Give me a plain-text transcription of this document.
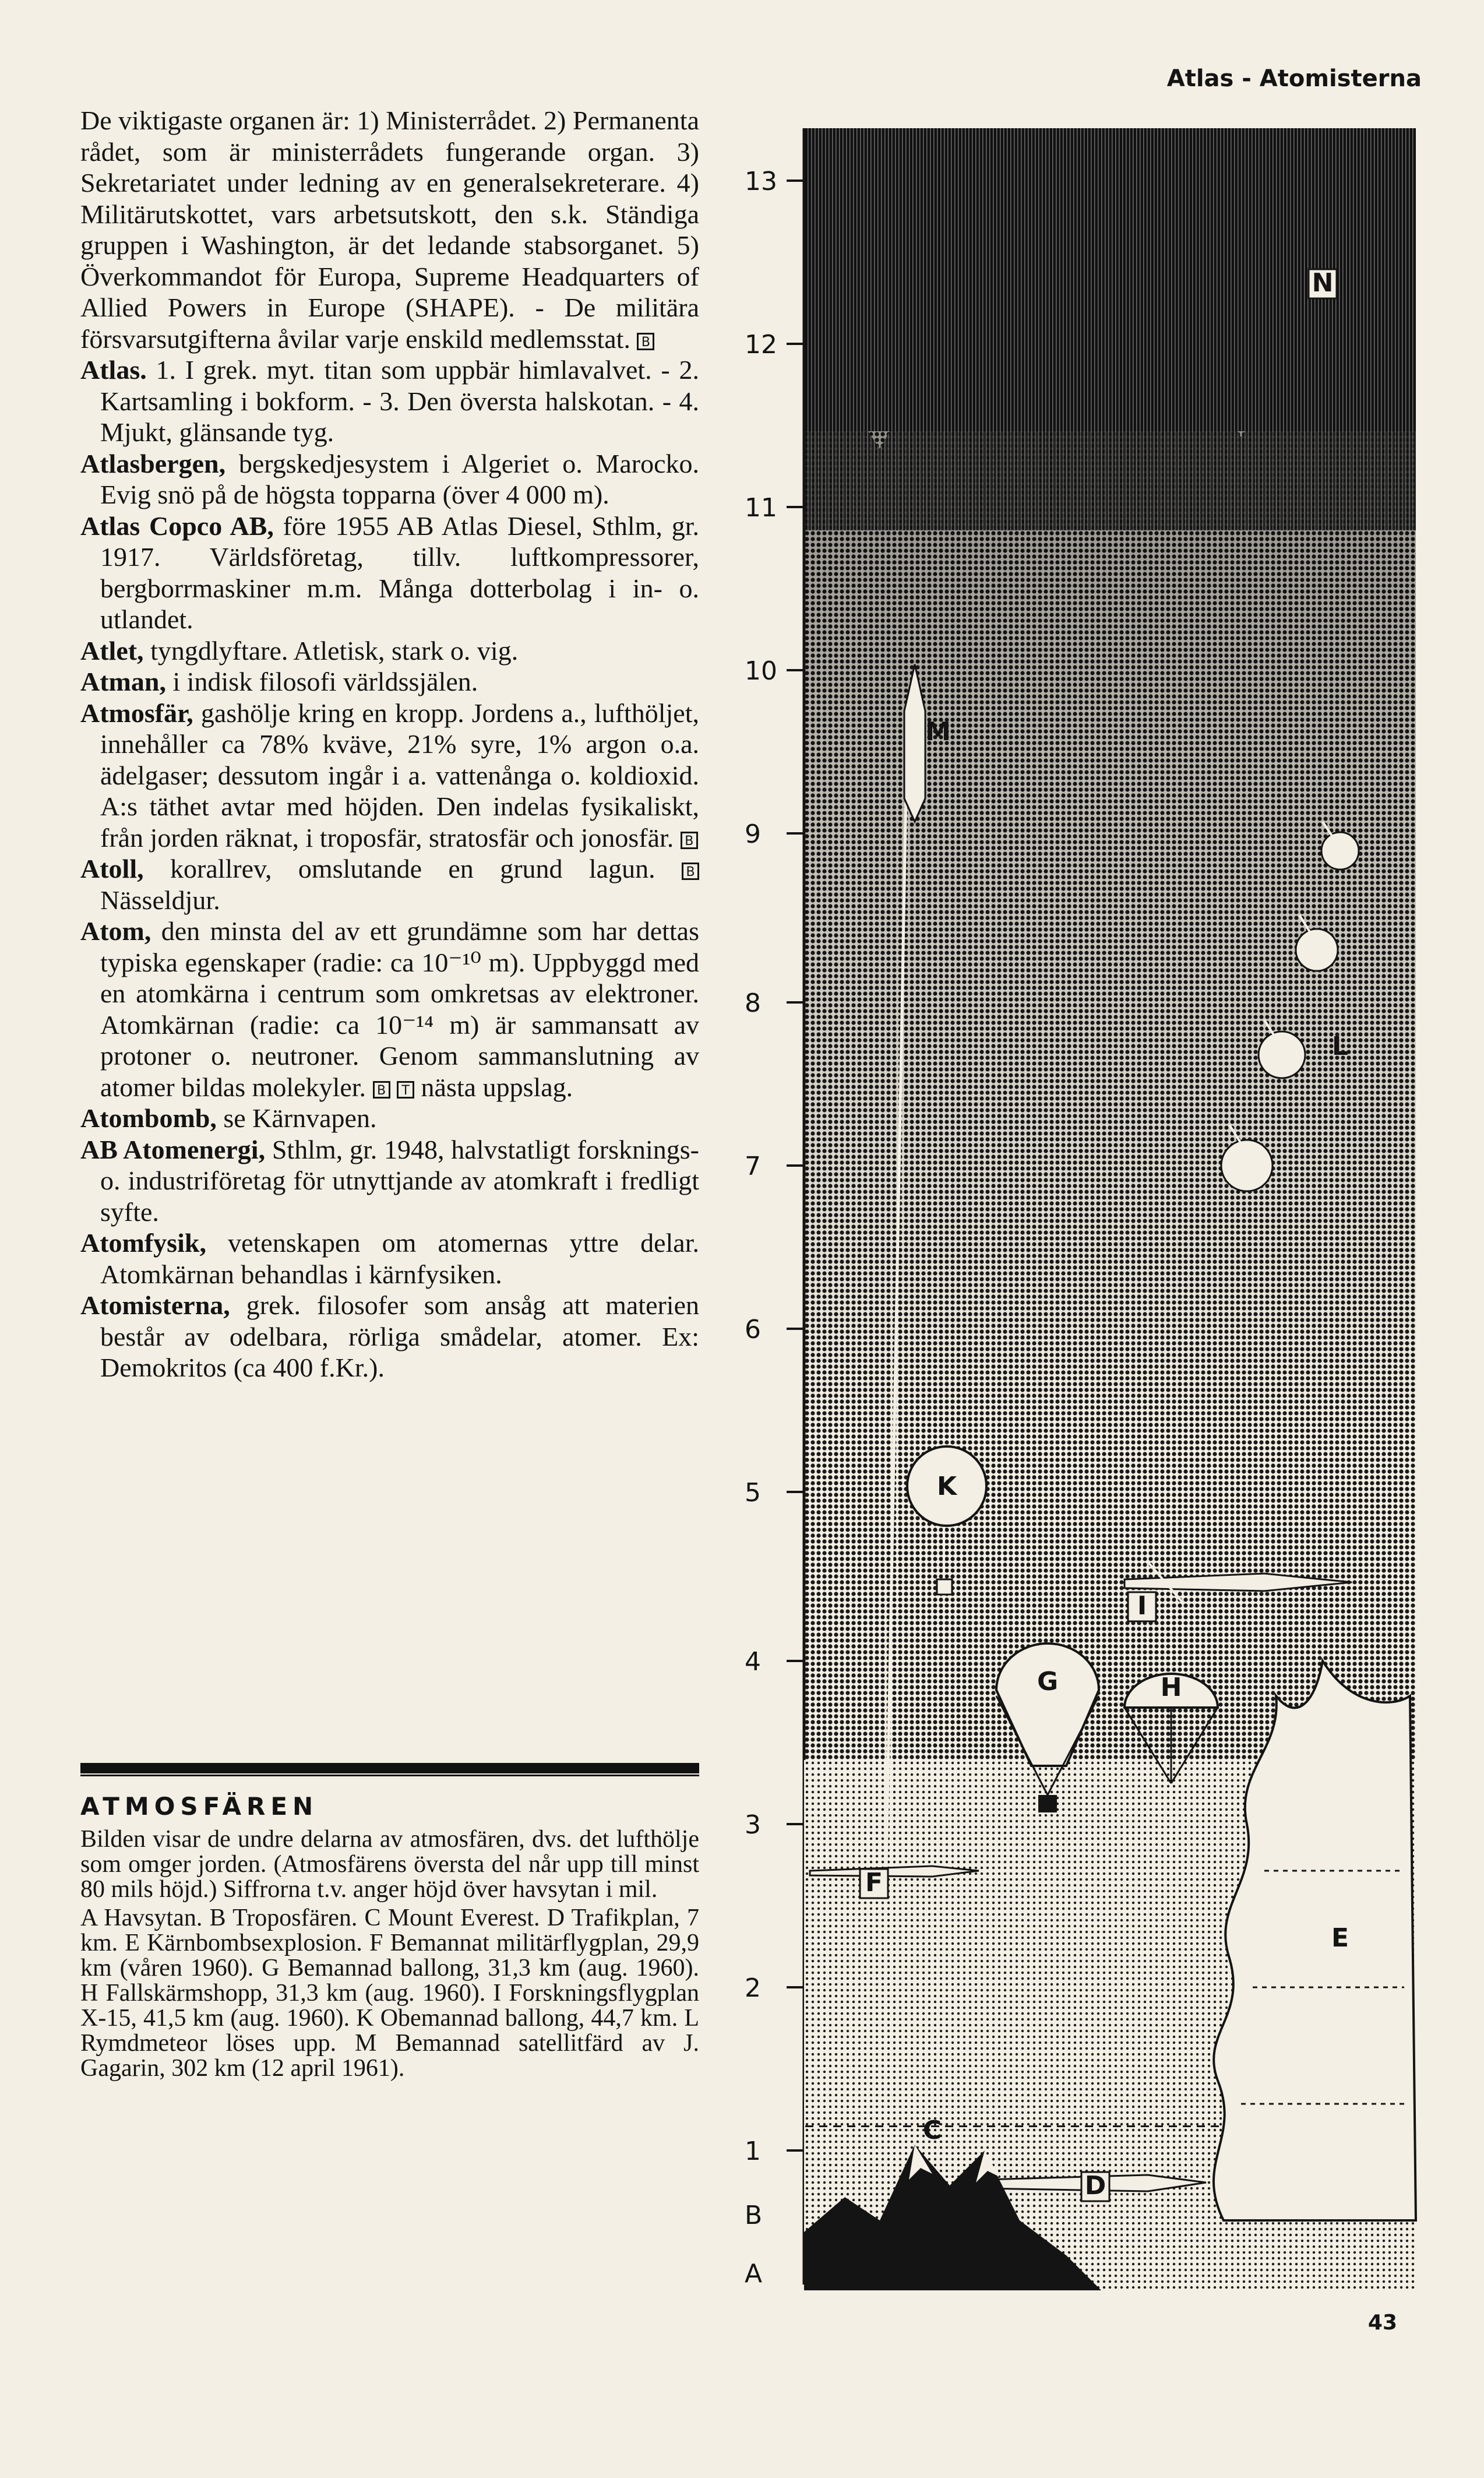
Atlas - Atomisterna

De viktigaste organen är: 1) Ministerrådet. 2) Permanenta rådet, som är ministerrådets fungerande organ. 3) Sekretariatet under ledning av en generalsekreterare. 4) Militärutskottet, vars arbetsutskott, den s.k. Ständiga gruppen i Washington, är det ledande stabsorganet. 5) Överkommandot för Europa, Supreme Headquarters of Allied Powers in Europe (SHAPE). - De militära försvarsutgifterna åvilar varje enskild medlemsstat. B

Atlas. 1. I grek. myt. titan som uppbär himlavalvet. - 2. Kartsamling i bokform. - 3. Den översta halskotan. - 4. Mjukt, glänsande tyg.

Atlasbergen, bergskedjesystem i Algeriet o. Marocko. Evig snö på de högsta topparna (över 4 000 m).

Atlas Copco AB, före 1955 AB Atlas Diesel, Sthlm, gr. 1917. Världsföretag, tillv. luftkompressorer, bergborrmaskiner m.m. Många dotterbolag i in- o. utlandet.

Atlet, tyngdlyftare. Atletisk, stark o. vig.

Atman, i indisk filosofi världssjälen.

Atmosfär, gashölje kring en kropp. Jordens a., lufthöljet, innehåller ca 78% kväve, 21% syre, 1% argon o.a. ädelgaser; dessutom ingår i a. vattenånga o. koldioxid. A:s täthet avtar med höjden. Den indelas fysikaliskt, från jorden räknat, i troposfär, stratosfär och jonosfär. B

Atoll, korallrev, omslutande en grund lagun. B Nässeldjur.

Atom, den minsta del av ett grundämne som har dettas typiska egenskaper (radie: ca 10⁻¹⁰ m). Uppbyggd med en atomkärna i centrum som omkretsas av elektroner. Atomkärnan (radie: ca 10⁻¹⁴ m) är sammansatt av protoner o. neutroner. Genom sammanslutning av atomer bildas molekyler. B T nästa uppslag.

Atombomb, se Kärnvapen.

AB Atomenergi, Sthlm, gr. 1948, halvstatligt forsknings- o. industriföretag för utnyttjande av atomkraft i fredligt syfte.

Atomfysik, vetenskapen om atomernas yttre delar. Atomkärnan behandlas i kärnfysiken.

Atomisterna, grek. filosofer som ansåg att materien består av odelbara, rörliga smådelar, atomer. Ex: Demokritos (ca 400 f.Kr.).

ATMOSFÄREN

Bilden visar de undre delarna av atmosfären, dvs. det lufthölje som omger jorden. (Atmosfärens översta del når upp till minst 80 mils höjd.) Siffrorna t.v. anger höjd över havsytan i mil.

A Havsytan. B Troposfären. C Mount Everest. D Trafikplan, 7 km. E Kärnbombsexplosion. F Bemannat militärflygplan, 29,9 km (våren 1960). G Bemannad ballong, 31,3 km (aug. 1960). H Fallskärmshopp, 31,3 km (aug. 1960). I Forskningsflygplan X-15, 41,5 km (aug. 1960). K Obemannad ballong, 44,7 km. L Rymdmeteor löses upp. M Bemannad satellitfärd av J. Gagarin, 302 km (12 april 1961).

13
12
11
10
9
8
7
6
5
4
3
2
1
B
A
N
M
L
K
G	H
I
F
E
D
C
43
